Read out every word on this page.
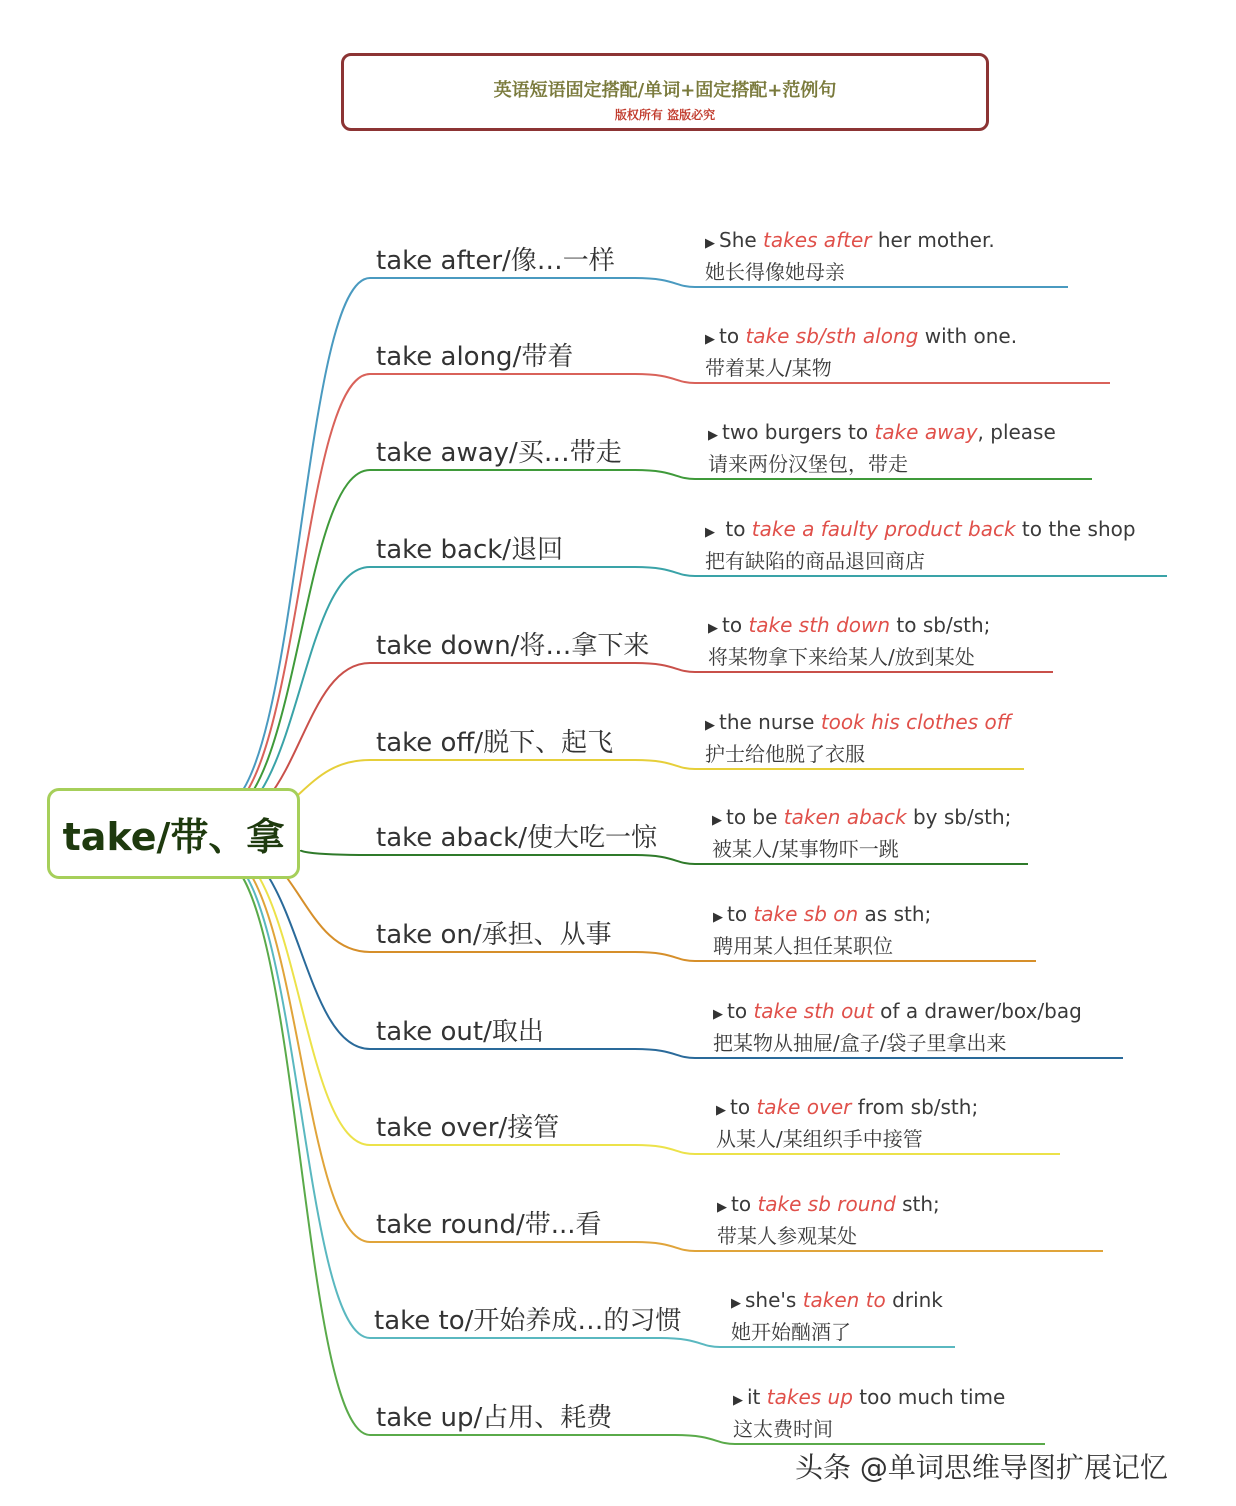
英语短语固定搭配/单词+固定搭配+范例句
版权所有 盗版必究
take/带、拿
take after/像…一样
▶ She takes after her mother.
她长得像她母亲
take along/带着
▶ to take sb/sth along with one.
带着某人/某物
take away/买…带走
▶ two burgers to take away, please
请来两份汉堡包，带走
take back/退回
▶ to take a faulty product back to the shop
把有缺陷的商品退回商店
take down/将…拿下来
▶ to take sth down to sb/sth;
将某物拿下来给某人/放到某处
take off/脱下、起飞
▶ the nurse took his clothes off
护士给他脱了衣服
take aback/使大吃一惊
▶ to be taken aback by sb/sth;
被某人/某事物吓一跳
take on/承担、从事
▶ to take sb on as sth;
聘用某人担任某职位
take out/取出
▶ to take sth out of a drawer/box/bag
把某物从抽屉/盒子/袋子里拿出来
take over/接管
▶ to take over from sb/sth;
从某人/某组织手中接管
take round/带...看
▶ to take sb round sth;
带某人参观某处
take to/开始养成…的习惯
▶ she's taken to drink
她开始酗酒了
take up/占用、耗费
▶ it takes up too much time
这太费时间
头条 @单词思维导图扩展记忆
